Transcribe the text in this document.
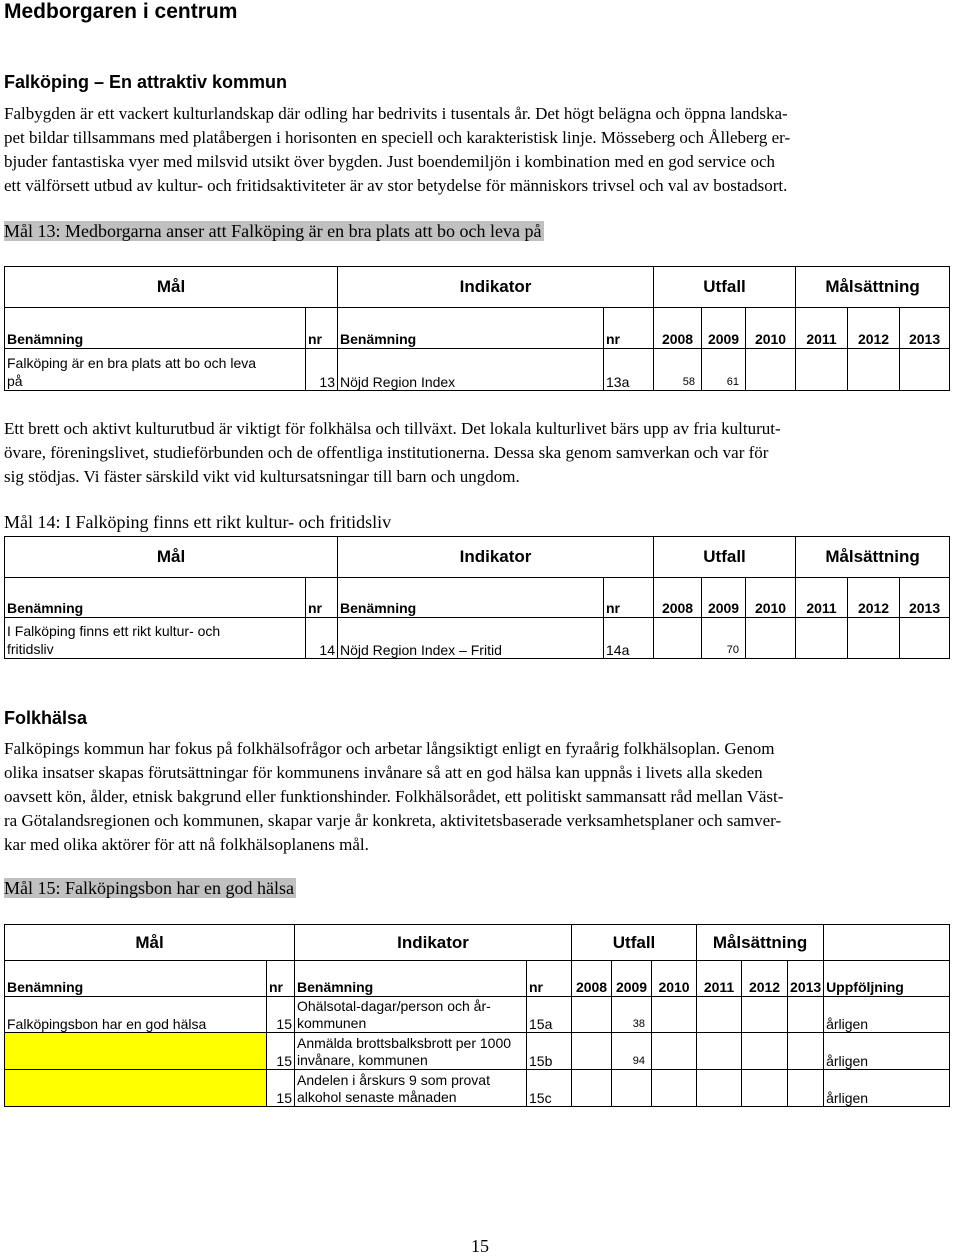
Medborgaren i centrum
Falköping – En attraktiv kommun
Falbygden är ett vackert kulturlandskap där odling har bedrivits i tusentals år. Det högt belägna och öppna landska-
pet bildar tillsammans med platåbergen i horisonten en speciell och karakteristisk linje. Mösseberg och Ålleberg er-
bjuder fantastiska vyer med milsvid utsikt över bygden. Just boendemiljön i kombination med en god service och
ett välförsett utbud av kultur- och fritidsaktiviteter är av stor betydelse för människors trivsel och val av bostadsort.
Mål 13: Medborgarna anser att Falköping är en bra plats att bo och leva på
Mål		Indikator		Utfall			Målsättning		
Benämning	nr	Benämning	nr	2008	2009	2010	2011	2012	2013
Falköping är en bra plats att bo och leva
på	13	Nöjd Region Index	13a	58	61				
Ett brett och aktivt kulturutbud är viktigt för folkhälsa och tillväxt. Det lokala kulturlivet bärs upp av fria kulturut-
övare, föreningslivet, studieförbunden och de offentliga institutionerna. Dessa ska genom samverkan och var för
sig stödjas. Vi fäster särskild vikt vid kultursatsningar till barn och ungdom.
Mål 14: I Falköping finns ett rikt kultur- och fritidsliv
Mål		Indikator		Utfall			Målsättning		
Benämning	nr	Benämning	nr	2008	2009	2010	2011	2012	2013
I Falköping finns ett rikt kultur- och
fritidsliv	14	Nöjd Region Index – Fritid	14a		70				
Folkhälsa
Falköpings kommun har fokus på folkhälsofrågor och arbetar långsiktigt enligt en fyraårig folkhälsoplan. Genom
olika insatser skapas förutsättningar för kommunens invånare så att en god hälsa kan uppnås i livets alla skeden
oavsett kön, ålder, etnisk bakgrund eller funktionshinder. Folkhälsorådet, ett politiskt sammansatt råd mellan Väst-
ra Götalandsregionen och kommunen, skapar varje år konkreta, aktivitetsbaserade verksamhetsplaner och samver-
kar med olika aktörer för att nå folkhälsoplanens mål.
Mål 15: Falköpingsbon har en god hälsa
Mål		Indikator		Utfall			Målsättning			
Benämning	nr	Benämning	nr	2008	2009	2010	2011	2012	2013	Uppföljning
Falköpingsbon har en god hälsa	15	Ohälsotal-dagar/person och år-
kommunen	15a		38					årligen
	15	Anmälda brottsbalksbrott per 1000
invånare, kommunen	15b		94					årligen
	15	Andelen i årskurs 9 som provat
alkohol senaste månaden	15c							årligen
15
